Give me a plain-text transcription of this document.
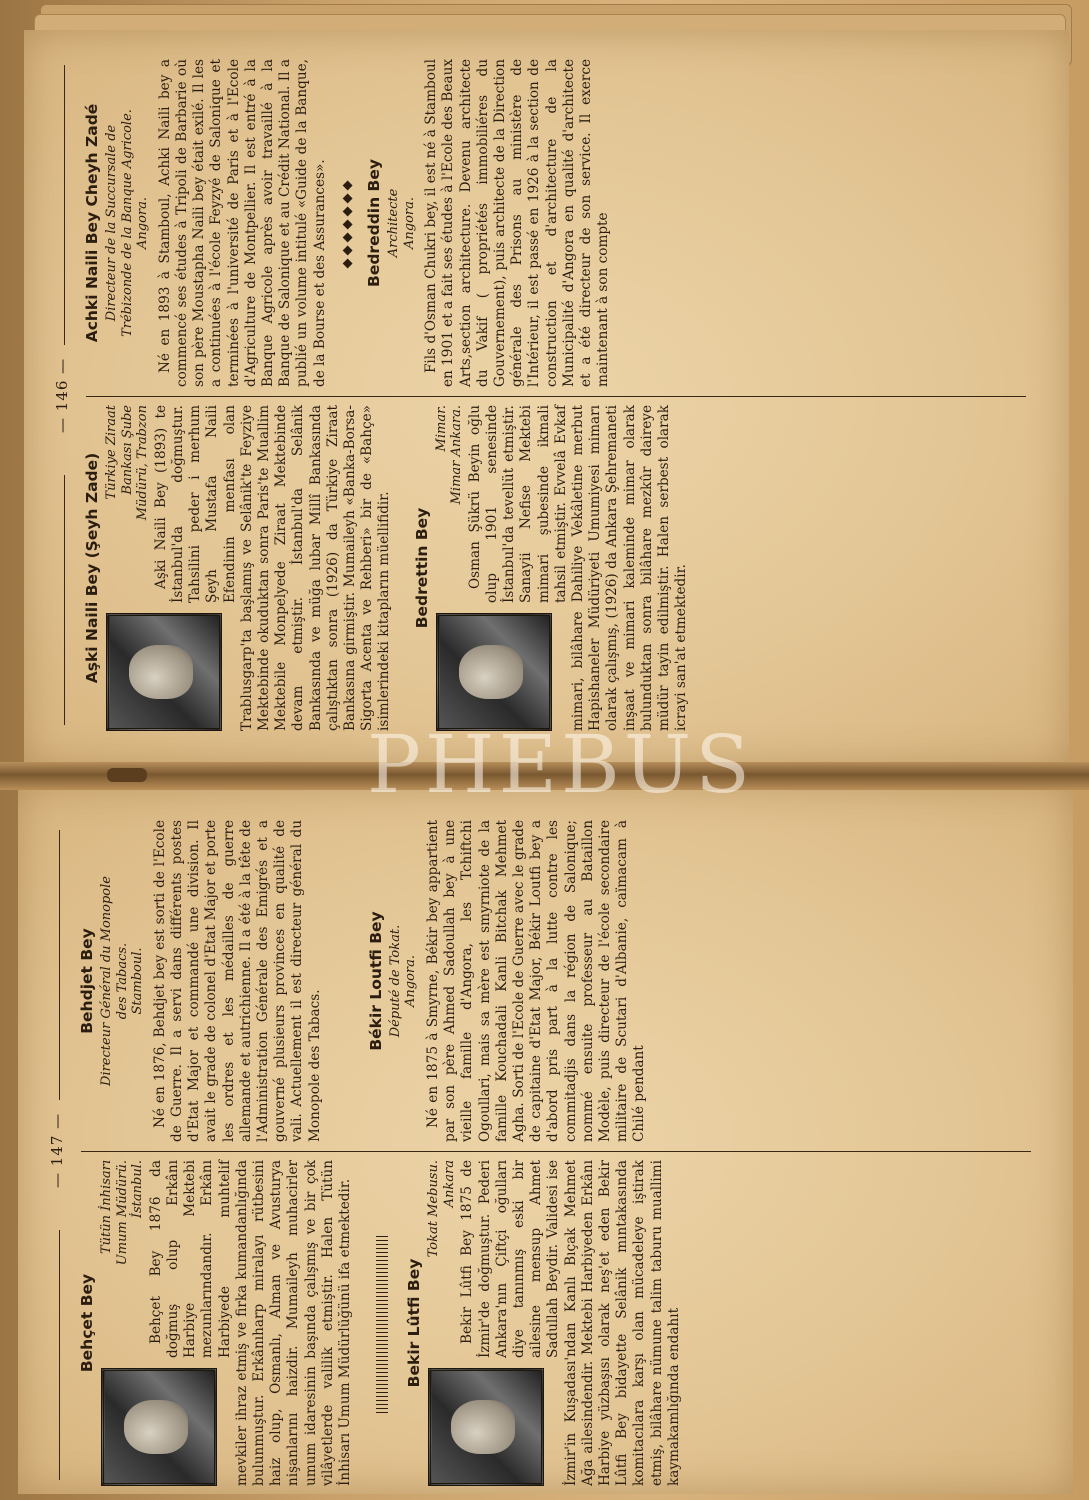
— 146 —
Aşki Naili Bey (Şeyh Zade)
Türkiye Ziraat Bankası Şube Müdürü, Trabzon Aşki Naili Bey (1893) te İstanbul'da doğmuştur. Tahsilini peder i merhum Şeyh Mustafa Naili Efendinin menfası olan Trablusgarp'ta başlamış ve Selânik'te Feyziye Mektebinde okuduktan sonra Paris'te Muallim Mektebile Monpelyede Ziraat Mektebinde devam etmiştir. İstanbul'da Selânik Bankasında ve müğa lubar Millî Bankasında çalıştıktan sonra (1926) da Türkiye Ziraat Bankasına girmiştir. Mumaileyh «Banka-Borsa-Sigorta Acenta ve Rehberi» bir de «Bahçe» isimlerindeki kitapların müellifidir. Bedrettin Bey
Mimar. Mimar Ankara. Osman Şükrü Beyin oğlu olup 1901 senesinde İstanbul'da tevellüt etmiştir. Sanayii Nefise Mektebi mimari şubesinde ikmali tahsil etmiştir. Evvelâ Evkaf mimari, bilâhare Dahiliye Vekâletine merbut Hapishaneler Müdüriyeti Umumiyesi mimarı olarak çalışmış, (1926) da Ankara Şehremaneti inşaat ve mimari kaleminde mimar olarak bulunduktan sonra bilâhare mezkûr daireye müdür tayin edilmiştir. Halen serbest olarak icrayi san'at etmektedir.

Achki Naili Bey Cheyh Zadé Directeur de la Succursale de Trébizonde de la Banque Agricole. Angora. Né en 1893 à Stamboul, Achki Naili bey a commencé ses études à Tripoli de Barbarie où son père Moustapha Naili bey était exilé. Il les a continuées à l'école Feyzyé de Salonique et terminées à l'université de Paris et à l'Ecole d'Agriculture de Montpellier. Il est entré à la Banque Agricole après avoir travaillé à la Banque de Salonique et au Crédit National. Il a publié un volume intitulé «Guide de la Banque, de la Bourse et des Assurances». ◆◆◆◆◆◆◆ Bedreddin Bey Architecte Angora. Fils d'Osman Chukri bey, il est né à Stamboul en 1901 et a fait ses études à l'Ecole des Beaux Arts,section architecture. Devenu architecte du Vakif ( propriétés immobiliéres du Gouvernement), puis architecte de la Direction générale des Prisons au ministère de l'Intérieur, il est passé en 1926 à la section de construction et d'architecture de la Municipalité d'Angora en qualité d'architecte et a été directeur de son service. Il exerce maintenant à son compte

— 147 —
Behçet Bey
Tütün İnhisarı Umum Müdürü. İstanbul. Behçet Bey 1876 da doğmuş olup Erkânı Harbiye Mektebi mezunlarındandır. Erkânı Harbiyede muhtelif mevkiler ihraz etmiş ve firka kumandanlığında bulunmuştur. Erkânıharp miralayı rütbesini haiz olup, Osmanlı, Alman ve Avusturya nişanlarını haizdir. Mumaileyh muhacirler umum idaresinin başında çalışmış ve bir çok vilâyetlerde valilik etmiştir. Halen Tütün İnhisarı Umum Müdürlüğünü ifa etmektedir.	Bekir Lûtfi Bey
Tokat Mebusu. Ankara Bekir Lûtfi Bey 1875 de İzmir'de doğmuştur. Pederi Ankara'nın Çiftçi oğulları diye tanınmış eski bir ailesine mensup Ahmet Sadullah Beydir. Validesi ise İzmir'in Kuşadası'ndan Kanlı Bıçak Mehmet Ağa ailesindendir. Mektebi Harbiyeden Erkânı Harbiye yüzbaşısı olarak neş'et eden Bekir Lûtfi Bey bidayette Selânik mıntakasında komitacılara karşı olan mücadeleye iştirak etmiş, bilâhare nümune talim taburu muallimi kaymakamlığında endahıt

Behdjet Bey Directeur Général du Monopole des Tabacs. Stamboul. Né en 1876, Behdjet bey est sorti de l'Ecole de Guerre. Il a servi dans différents postes d'Etat Major et commandé une division. Il avait le grade de colonel d'Etat Major et porte les ordres et les médailles de guerre allemande et autrichienne. Il a été à la tête de l'Administration Générale des Emigrés et a gouverné plusieurs provinces en qualité de vali. Actuellement il est directeur général du Monopole des Tabacs.

Békir Loutfi Bey Député de Tokat. Angora. Né en 1875 à Smyrne, Békir bey appartient par son père Ahmed Sadoullah bey à une vieille famille d'Angora, les Tchiftchi Ogoullari, mais sa mère est smyrniote de la famille Kouchadali Kanli Bitchak Mehmet Agha. Sorti de l'Ecole de Guerre avec le grade de capitaine d'Etat Major, Békir Loutfi bey a d'abord pris part à la lutte contre les commitadjis dans la région de Salonique; nommé ensuite professeur au Bataillon Modèle, puis directeur de l'école secondaire militaire de Scutari d'Albanie, caïmacam à Chilé pendant

PHEBUS
